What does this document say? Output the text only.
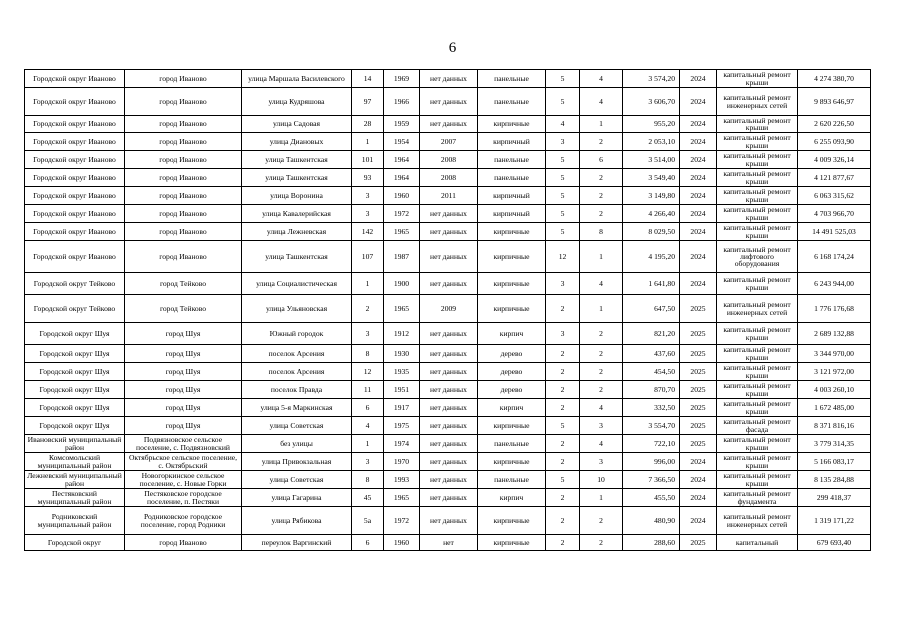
6
Городской округ Иваново	город Иваново	улица Маршала Василевского	14	1969	нет данных	панельные	5	4	3 574,20	2024	капитальный ремонт крыши	4 274 380,70
Городской округ Иваново	город Иваново	улица Кудряшова	97	1966	нет данных	панельные	5	4	3 606,70	2024	капитальный ремонт инженерных сетей	9 893 646,97
Городской округ Иваново	город Иваново	улица Садовая	28	1959	нет данных	кирпичные	4	1	955,20	2024	капитальный ремонт крыши	2 620 226,50
Городской округ Иваново	город Иваново	улица Диановых	1	1954	2007	кирпичный	3	2	2 053,10	2024	капитальный ремонт крыши	6 255 093,90
Городской округ Иваново	город Иваново	улица Ташкентская	101	1964	2008	панельные	5	6	3 514,00	2024	капитальный ремонт крыши	4 009 326,14
Городской округ Иваново	город Иваново	улица Ташкентская	93	1964	2008	панельные	5	2	3 549,40	2024	капитальный ремонт крыши	4 121 877,67
Городской округ Иваново	город Иваново	улица Воронина	3	1960	2011	кирпичный	5	2	3 149,80	2024	капитальный ремонт крыши	6 063 315,62
Городской округ Иваново	город Иваново	улица Кавалерийская	3	1972	нет данных	кирпичный	5	2	4 266,40	2024	капитальный ремонт крыши	4 703 966,70
Городской округ Иваново	город Иваново	улица Лежневская	142	1965	нет данных	кирпичные	5	8	8 029,50	2024	капитальный ремонт крыши	14 491 525,03
Городской округ Иваново	город Иваново	улица Ташкентская	107	1987	нет данных	кирпичные	12	1	4 195,20	2024	капитальный ремонт лифтового оборудования	6 168 174,24
Городской округ Тейково	город Тейково	улица Социалистическая	1	1900	нет данных	кирпичные	3	4	1 641,80	2024	капитальный ремонт крыши	6 243 944,00
Городской округ Тейково	город Тейково	улица Ульяновская	2	1965	2009	кирпичные	2	1	647,50	2025	капитальный ремонт инженерных сетей	1 776 176,68
Городской округ Шуя	город Шуя	Южный городок	3	1912	нет данных	кирпич	3	2	821,20	2025	капитальный ремонт крыши	2 689 132,88
Городской округ Шуя	город Шуя	поселок Арсения	8	1930	нет данных	дерево	2	2	437,60	2025	капитальный ремонт крыши	3 344 970,00
Городской округ Шуя	город Шуя	поселок Арсения	12	1935	нет данных	дерево	2	2	454,50	2025	капитальный ремонт крыши	3 121 972,00
Городской округ Шуя	город Шуя	поселок Правда	11	1951	нет данных	дерево	2	2	870,70	2025	капитальный ремонт крыши	4 003 260,10
Городской округ Шуя	город Шуя	улица 5-я Маркинская	6	1917	нет данных	кирпич	2	4	332,50	2025	капитальный ремонт крыши	1 672 485,00
Городской округ Шуя	город Шуя	улица Советская	4	1975	нет данных	кирпичные	5	3	3 554,70	2025	капитальный ремонт фасада	8 371 816,16
Ивановский муниципальный район	Подвязновское сельское поселение, с. Подвязновский	без улицы	1	1974	нет данных	панельные	2	4	722,10	2025	капитальный ремонт крыши	3 779 314,35
Комсомольский муниципальный район	Октябрьское сельское поселение, с. Октябрьский	улица Привокзальная	3	1970	нет данных	кирпичные	2	3	996,00	2024	капитальный ремонт крыши	5 166 083,17
Лежневский муниципальный район	Новогоркинское сельское поселение, с. Новые Горки	улица Советская	8	1993	нет данных	панельные	5	10	7 366,50	2024	капитальный ремонт крыши	8 135 284,88
Пестяковский муниципальный район	Пестяковское городское поселение, п. Пестяки	улица Гагарина	45	1965	нет данных	кирпич	2	1	455,50	2024	капитальный ремонт фундамента	299 418,37
Родниковский муниципальный район	Родниковское городское поселение, город Родники	улица Рябикова	5а	1972	нет данных	кирпичные	2	2	480,90	2024	капитальный ремонт инженерных сетей	1 319 171,22
Городской округ	город Иваново	переулок Варгинский	6	1960	нет	кирпичные	2	2	288,60	2025	капитальный	679 693,40
